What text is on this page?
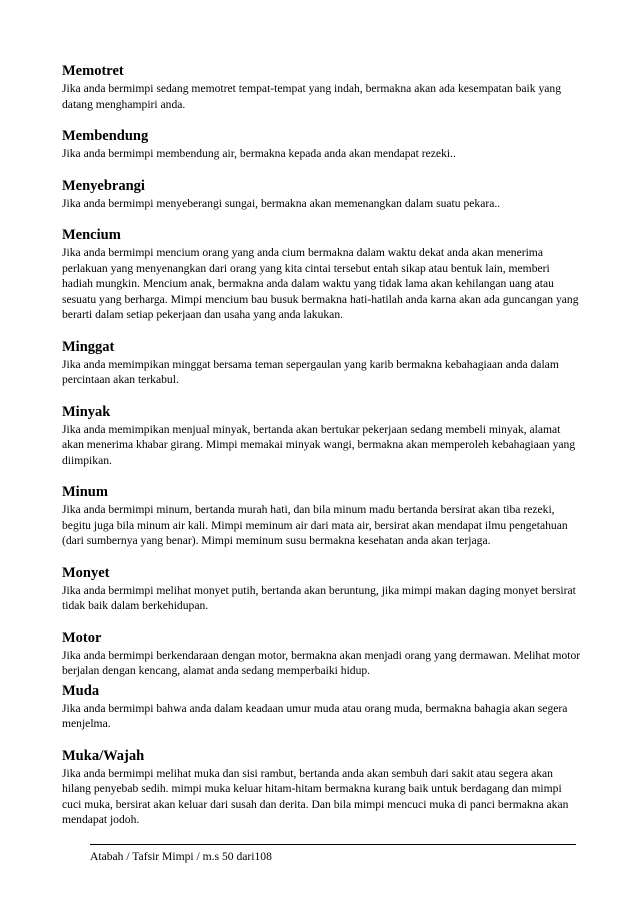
Memotret

Jika anda bermimpi sedang memotret tempat-tempat yang indah, bermakna akan ada kesempatan baik yang datang menghampiri anda.

Membendung

Jika anda bermimpi membendung air, bermakna kepada anda akan mendapat rezeki..

Menyebrangi

Jika anda bermimpi menyeberangi sungai, bermakna akan memenangkan dalam suatu pekara..

Mencium

Jika anda bermimpi mencium orang yang anda cium bermakna dalam waktu dekat anda akan menerima perlakuan yang menyenangkan dari orang yang kita cintai tersebut entah sikap atau bentuk lain, memberi hadiah mungkin. Mencium anak, bermakna anda dalam waktu yang tidak lama akan kehilangan uang atau sesuatu yang berharga. Mimpi mencium bau busuk bermakna hati-hatilah anda karna akan ada guncangan yang berarti dalam setiap pekerjaan dan usaha yang anda lakukan.

Minggat

Jika anda memimpikan minggat bersama teman sepergaulan yang karib bermakna kebahagiaan anda dalam percintaan akan terkabul.

Minyak

Jika anda memimpikan menjual minyak, bertanda akan bertukar pekerjaan sedang membeli minyak, alamat akan menerima khabar girang. Mimpi memakai minyak wangi, bermakna akan memperoleh kebahagiaan yang diimpikan.

Minum

Jika anda bermimpi minum, bertanda murah hati, dan bila minum madu bertanda bersirat akan tiba rezeki, begitu juga bila minum air kali. Mimpi meminum air dari mata air, bersirat akan mendapat ilmu pengetahuan (dari sumbernya yang benar). Mimpi meminum susu bermakna kesehatan anda akan terjaga.

Monyet

Jika anda bermimpi melihat monyet putih, bertanda akan beruntung, jika mimpi makan daging monyet bersirat tidak baik dalam berkehidupan.

Motor

Jika anda bermimpi berkendaraan dengan motor, bermakna akan menjadi orang yang dermawan. Melihat motor berjalan dengan kencang, alamat anda sedang memperbaiki hidup.

Muda

Jika anda bermimpi bahwa anda dalam keadaan umur muda atau orang muda, bermakna bahagia akan segera menjelma.

Muka/Wajah

Jika anda bermimpi melihat muka dan sisi rambut, bertanda anda akan sembuh dari sakit atau segera akan hilang penyebab sedih. mimpi muka keluar hitam-hitam bermakna kurang baik untuk berdagang dan mimpi cuci muka, bersirat akan keluar dari susah dan derita. Dan bila mimpi mencuci muka di panci bermakna akan mendapat jodoh.

Atabah / Tafsir Mimpi / m.s 50 dari108
